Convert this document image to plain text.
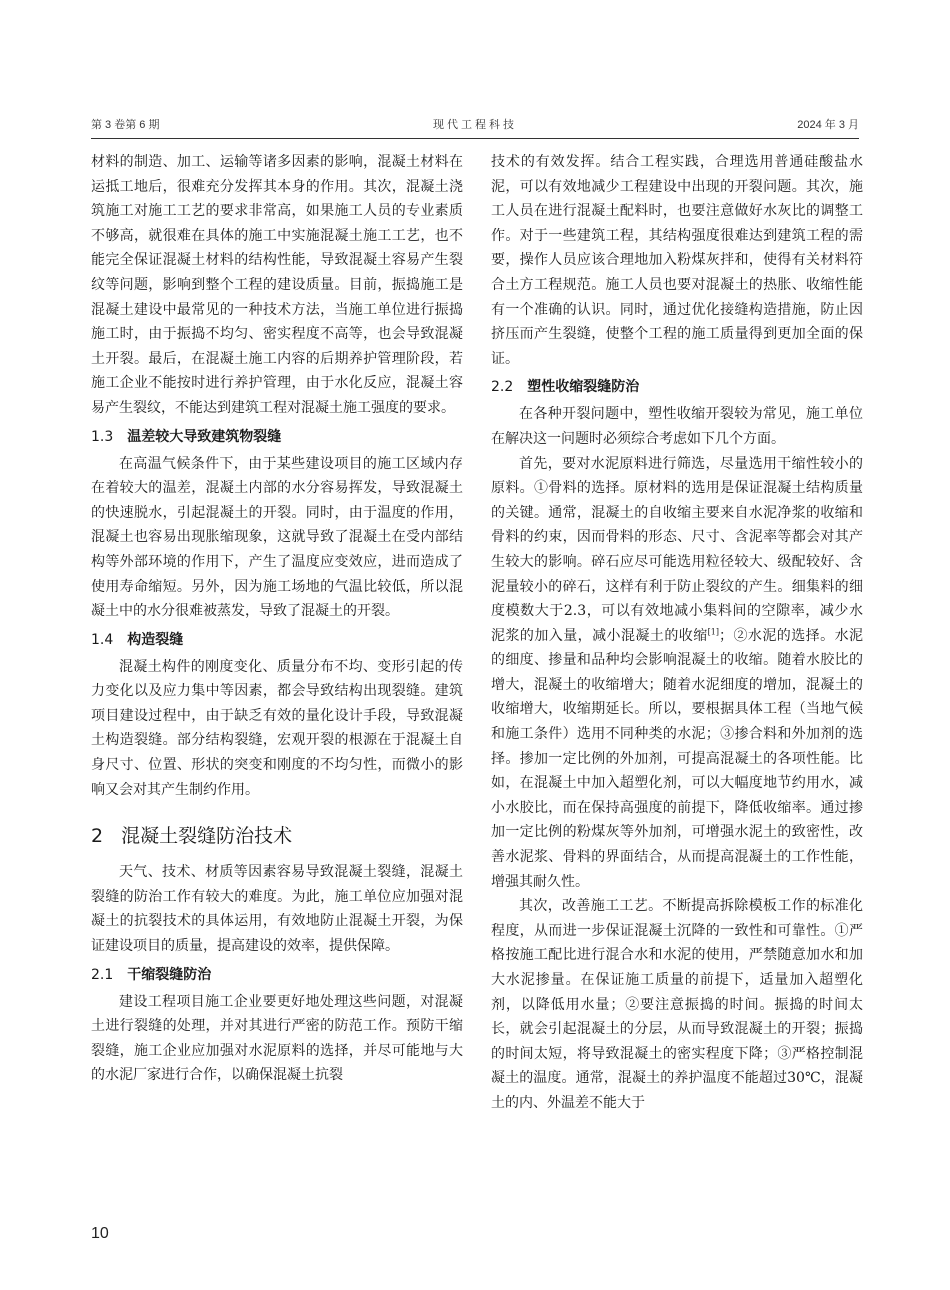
第 3 卷第 6 期	现代工程科技	2024 年 3 月

材料的制造、加工、运输等诸多因素的影响，混凝土材料在运抵工地后，很难充分发挥其本身的作用。其次，混凝土浇筑施工对施工工艺的要求非常高，如果施工人员的专业素质不够高，就很难在具体的施工中实施混凝土施工工艺，也不能完全保证混凝土材料的结构性能，导致混凝土容易产生裂纹等问题，影响到整个工程的建设质量。目前，振捣施工是混凝土建设中最常见的一种技术方法，当施工单位进行振捣施工时，由于振捣不均匀、密实程度不高等，也会导致混凝土开裂。最后，在混凝土施工内容的后期养护管理阶段，若施工企业不能按时进行养护管理，由于水化反应，混凝土容易产生裂纹，不能达到建筑工程对混凝土施工强度的要求。

1.3 温差较大导致建筑物裂缝

在高温气候条件下，由于某些建设项目的施工区域内存在着较大的温差，混凝土内部的水分容易挥发，导致混凝土的快速脱水，引起混凝土的开裂。同时，由于温度的作用，混凝土也容易出现胀缩现象，这就导致了混凝土在受内部结构等外部环境的作用下，产生了温度应变效应，进而造成了使用寿命缩短。另外，因为施工场地的气温比较低，所以混凝土中的水分很难被蒸发，导致了混凝土的开裂。

1.4 构造裂缝

混凝土构件的刚度变化、质量分布不均、变形引起的传力变化以及应力集中等因素，都会导致结构出现裂缝。建筑项目建设过程中，由于缺乏有效的量化设计手段，导致混凝土构造裂缝。部分结构裂缝，宏观开裂的根源在于混凝土自身尺寸、位置、形状的突变和刚度的不均匀性，而微小的影响又会对其产生制约作用。

2 混凝土裂缝防治技术

天气、技术、材质等因素容易导致混凝土裂缝，混凝土裂缝的防治工作有较大的难度。为此，施工单位应加强对混凝土的抗裂技术的具体运用，有效地防止混凝土开裂，为保证建设项目的质量，提高建设的效率，提供保障。

2.1 干缩裂缝防治

建设工程项目施工企业要更好地处理这些问题，对混凝土进行裂缝的处理，并对其进行严密的防范工作。预防干缩裂缝，施工企业应加强对水泥原料的选择，并尽可能地与大的水泥厂家进行合作，以确保混凝土抗裂

技术的有效发挥。结合工程实践，合理选用普通硅酸盐水泥，可以有效地减少工程建设中出现的开裂问题。其次，施工人员在进行混凝土配料时，也要注意做好水灰比的调整工作。对于一些建筑工程，其结构强度很难达到建筑工程的需要，操作人员应该合理地加入粉煤灰拌和，使得有关材料符合土方工程规范。施工人员也要对混凝土的热胀、收缩性能有一个准确的认识。同时，通过优化接缝构造措施，防止因挤压而产生裂缝，使整个工程的施工质量得到更加全面的保证。

2.2 塑性收缩裂缝防治

在各种开裂问题中，塑性收缩开裂较为常见，施工单位在解决这一问题时必须综合考虑如下几个方面。

首先，要对水泥原料进行筛选，尽量选用干缩性较小的原料。①骨料的选择。原材料的选用是保证混凝土结构质量的关键。通常，混凝土的自收缩主要来自水泥净浆的收缩和骨料的约束，因而骨料的形态、尺寸、含泥率等都会对其产生较大的影响。碎石应尽可能选用粒径较大、级配较好、含泥量较小的碎石，这样有利于防止裂纹的产生。细集料的细度模数大于2.3，可以有效地减小集料间的空隙率，减少水泥浆的加入量，减小混凝土的收缩[1]；②水泥的选择。水泥的细度、掺量和品种均会影响混凝土的收缩。随着水胶比的增大，混凝土的收缩增大；随着水泥细度的增加，混凝土的收缩增大，收缩期延长。所以，要根据具体工程（当地气候和施工条件）选用不同种类的水泥；③掺合料和外加剂的选择。掺加一定比例的外加剂，可提高混凝土的各项性能。比如，在混凝土中加入超塑化剂，可以大幅度地节约用水，减小水胶比，而在保持高强度的前提下，降低收缩率。通过掺加一定比例的粉煤灰等外加剂，可增强水泥土的致密性，改善水泥浆、骨料的界面结合，从而提高混凝土的工作性能，增强其耐久性。

其次，改善施工工艺。不断提高拆除模板工作的标准化程度，从而进一步保证混凝土沉降的一致性和可靠性。①严格按施工配比进行混合水和水泥的使用，严禁随意加水和加大水泥掺量。在保证施工质量的前提下，适量加入超塑化剂，以降低用水量；②要注意振捣的时间。振捣的时间太长，就会引起混凝土的分层，从而导致混凝土的开裂；振捣的时间太短，将导致混凝土的密实程度下降；③严格控制混凝土的温度。通常，混凝土的养护温度不能超过30℃，混凝土的内、外温差不能大于

10
